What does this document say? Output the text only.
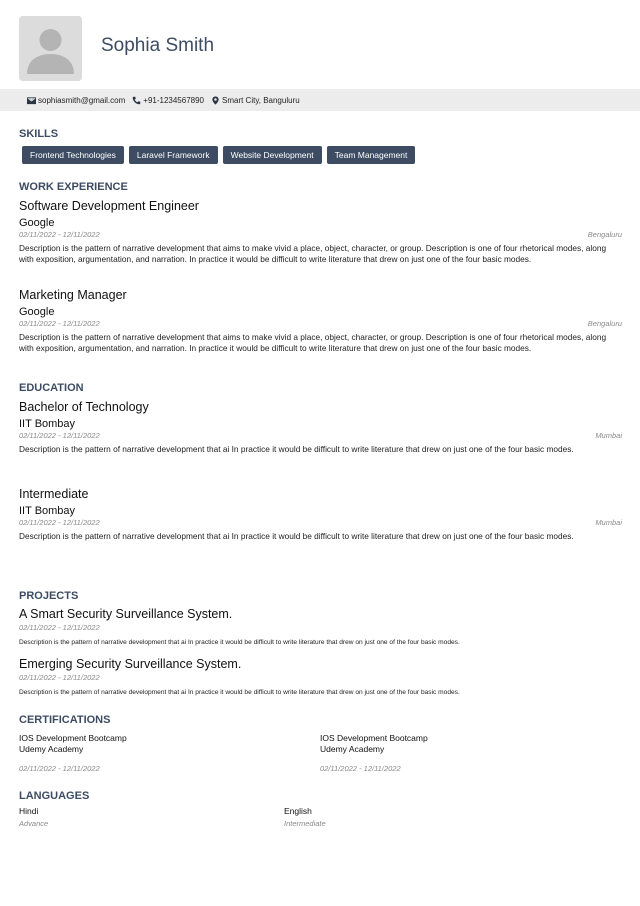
Sophia Smith
sophiasmith@gmail.com +91-1234567890 Smart City, Banguluru
SKILLS
Frontend Technologies	Laravel Framework	Website Development	Team Management
WORK EXPERIENCE
Software Development Engineer
Google
02/11/2022 - 12/11/2022	Bengaluru
Description is the pattern of narrative development that aims to make vivid a place, object, character, or group. Description is one of four rhetorical modes, along with exposition, argumentation, and narration. In practice it would be difficult to write literature that drew on just one of the four basic modes.
Marketing Manager
Google
02/11/2022 - 12/11/2022	Bengaluru
Description is the pattern of narrative development that aims to make vivid a place, object, character, or group. Description is one of four rhetorical modes, along with exposition, argumentation, and narration. In practice it would be difficult to write literature that drew on just one of the four basic modes.
EDUCATION
Bachelor of Technology
IIT Bombay
02/11/2022 - 12/11/2022	Mumbai
Description is the pattern of narrative development that ai In practice it would be difficult to write literature that drew on just one of the four basic modes.
Intermediate
IIT Bombay
02/11/2022 - 12/11/2022	Mumbai
Description is the pattern of narrative development that ai In practice it would be difficult to write literature that drew on just one of the four basic modes.
PROJECTS
A Smart Security Surveillance System.
02/11/2022 - 12/11/2022
Description is the pattern of narrative development that ai In practice it would be difficult to write literature that drew on just one of the four basic modes.
Emerging Security Surveillance System.
02/11/2022 - 12/11/2022
Description is the pattern of narrative development that ai In practice it would be difficult to write literature that drew on just one of the four basic modes.
CERTIFICATIONS
IOS Development Bootcamp
Udemy Academy
02/11/2022 - 12/11/2022
IOS Development Bootcamp
Udemy Academy
02/11/2022 - 12/11/2022
LANGUAGES
Hindi
Advance
English
Intermediate
